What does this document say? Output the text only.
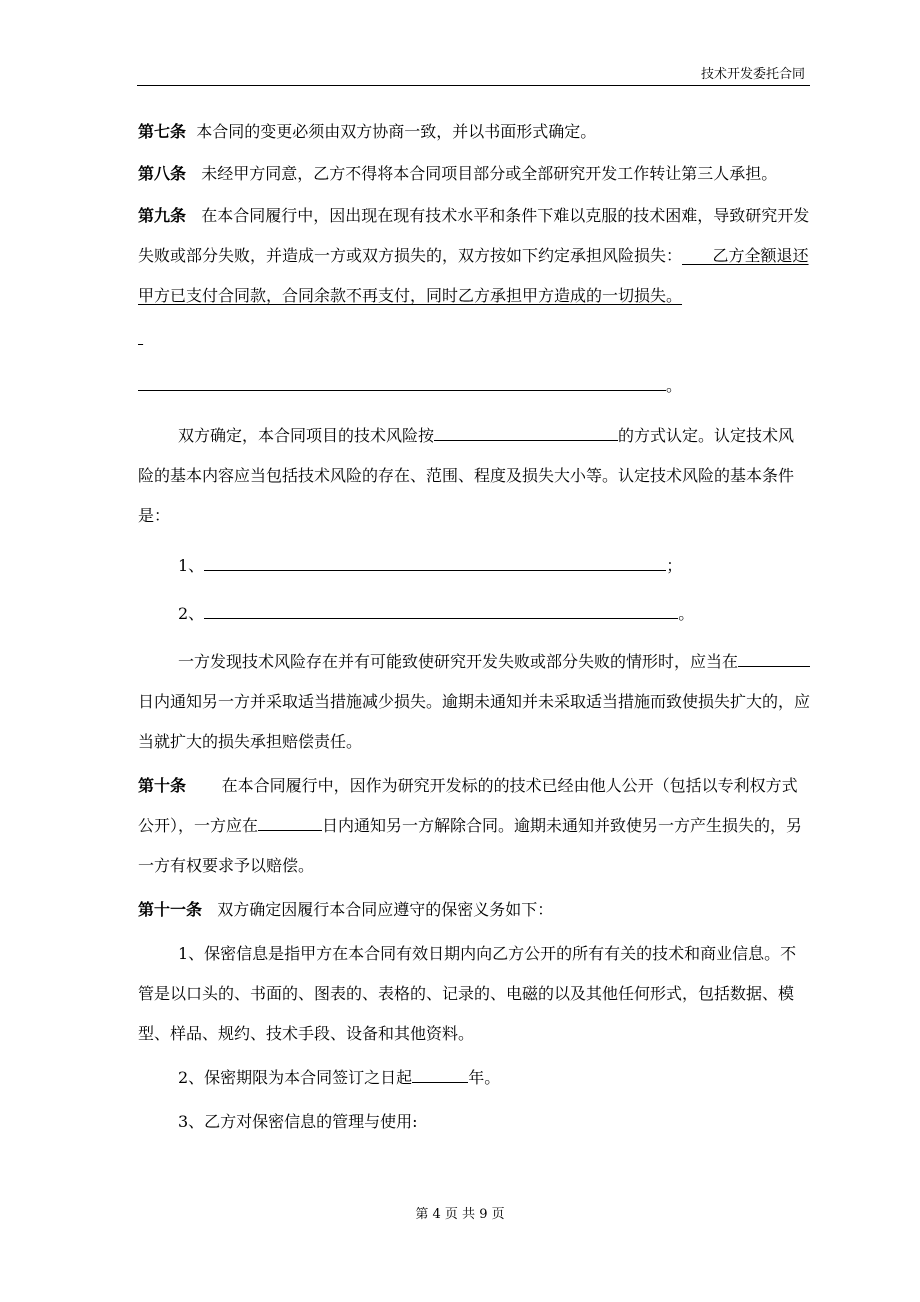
技术开发委托合同

第七条 本合同的变更必须由双方协商一致，并以书面形式确定。

第八条 未经甲方同意，乙方不得将本合同项目部分或全部研究开发工作转让第三人承担。

第九条 在本合同履行中，因出现在现有技术水平和条件下难以克服的技术困难，导致研究开发失败或部分失败，并造成一方或双方损失的，双方按如下约定承担风险损失： 乙方全额退还甲方已支付合同款，合同余款不再支付，同时乙方承担甲方造成的一切损失。

。

双方确定，本合同项目的技术风险按	的方式认定。认定技术风险的基本内容应当包括技术风险的存在、范围、程度及损失大小等。认定技术风险的基本条件是：

1、	；

2、	。

一方发现技术风险存在并有可能致使研究开发失败或部分失败的情形时，应当在日内通知另一方并采取适当措施减少损失。逾期未通知并未采取适当措施而致使损失扩大的，应当就扩大的损失承担赔偿责任。

第十条 在本合同履行中，因作为研究开发标的的技术已经由他人公开（包括以专利权方式公开），一方应在	日内通知另一方解除合同。逾期未通知并致使另一方产生损失的，另一方有权要求予以赔偿。

第十一条 双方确定因履行本合同应遵守的保密义务如下：

1、保密信息是指甲方在本合同有效日期内向乙方公开的所有有关的技术和商业信息。不管是以口头的、书面的、图表的、表格的、记录的、电磁的以及其他任何形式，包括数据、模型、样品、规约、技术手段、设备和其他资料。

2、保密期限为本合同签订之日起	年。

3、乙方对保密信息的管理与使用:

第 4 页 共 9 页
